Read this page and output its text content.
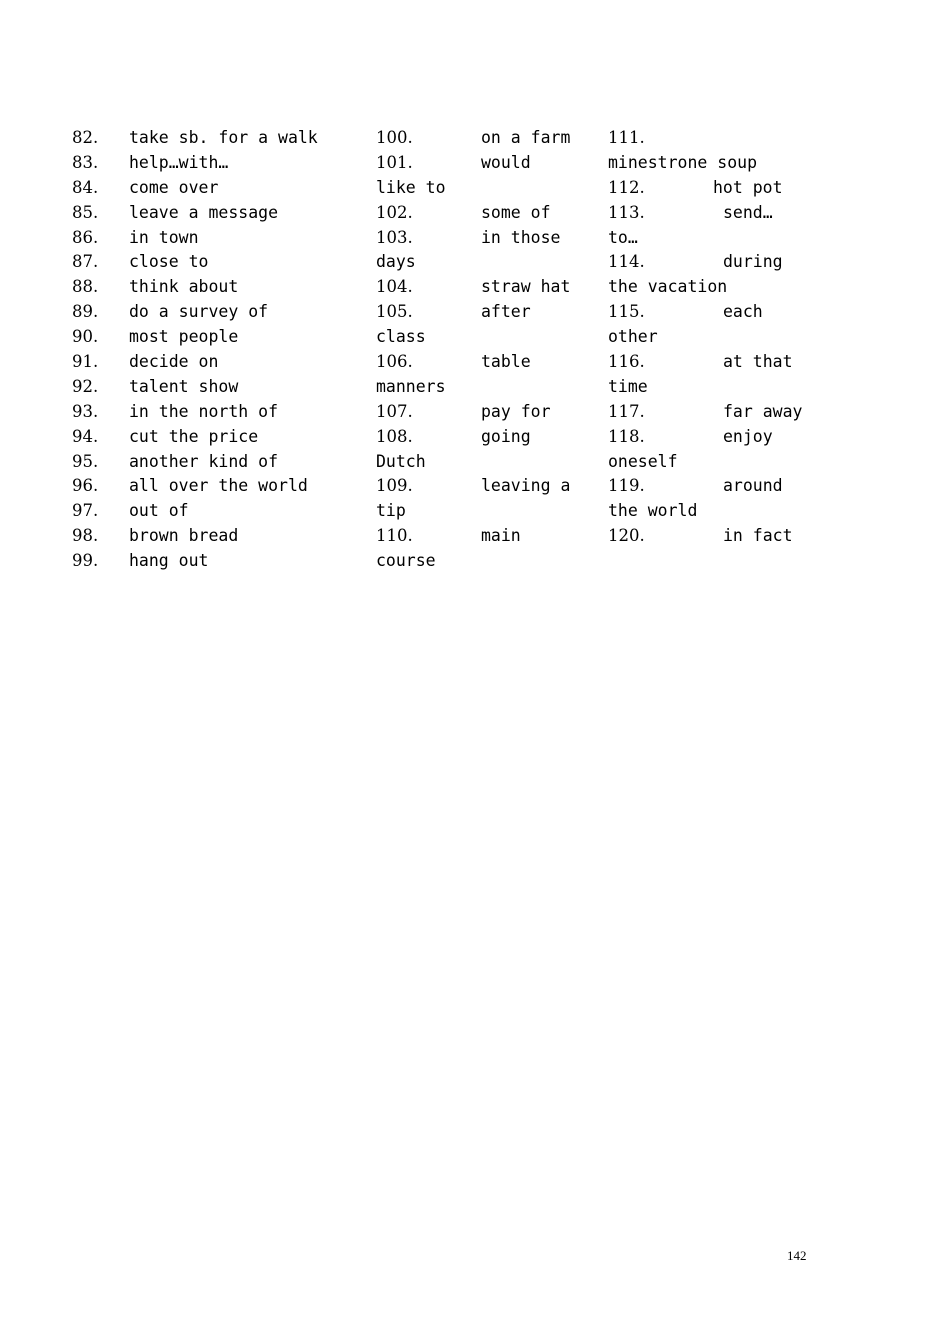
82. take sb. for a walk
83. help…with…
84. come over
85. leave a message
86. in town
87. close to
88. think about
89. do a survey of
90. most people
91. decide on
92. talent show
93. in the north of
94. cut the price
95. another kind of
96. all over the world
97. out of
98. brown bread
99. hang out
100.	on a farm
101.	would
like to
102.	some of
103.	in those
days
104.	straw hat
105.	after
class
106.	table
manners
107.	pay for
108.	going
Dutch
109.	leaving a
tip
110.	main
course
111.
minestrone soup
112.	hot pot
113.	send…
to…
114.	during
the vacation
115.	each
other
116.	at that
time
117.	far away
118.	enjoy
oneself
119.	around
the world
120.	in fact
142
